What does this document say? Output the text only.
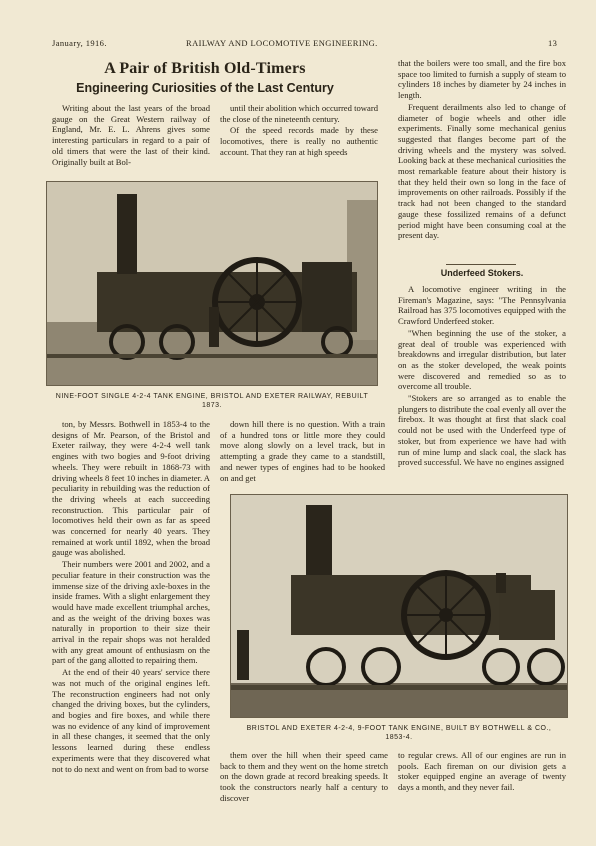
January, 1916.	RAILWAY AND LOCOMOTIVE ENGINEERING.	13
A Pair of British Old-Timers
Engineering Curiosities of the Last Century

Writing about the last years of the broad gauge on the Great Western railway of England, Mr. E. L. Ahrens gives some interesting particulars in regard to a pair of old timers that were the last of their kind. Originally built at Bol-

until their abolition which occurred toward the close of the nineteenth century.

Of the speed records made by these locomotives, there is really no authentic account. That they ran at high speeds

NINE-FOOT SINGLE 4-2-4 TANK ENGINE, BRISTOL AND EXETER RAILWAY, REBUILT 1873.

ton, by Messrs. Bothwell in 1853-4 to the designs of Mr. Pearson, of the Bristol and Exeter railway, they were 4-2-4 well tank engines with two bogies and 9-foot driving wheels. They were rebuilt in 1868-73 with driving wheels 8 feet 10 inches in diameter. A peculiarity in rebuilding was the reduction of the driving wheels at each succeeding reconstruction. This particular pair of locomotives held their own as far as speed was concerned for nearly 40 years. They remained at work until 1892, when the broad gauge was abolished.

Their numbers were 2001 and 2002, and a peculiar feature in their construction was the immense size of the driving axle-boxes in the inside frames. With a slight enlargement they would have made excellent triumphal arches, and as the weight of the driving boxes was naturally in proportion to their size their arrival in the repair shops was not heralded with any great amount of enthusiasm on the part of the gang allotted to repairing them.

At the end of their 40 years' service there was not much of the original engines left. The reconstruction engineers had not only changed the driving boxes, but the cylinders, and bogies and fire boxes, and while there was no evidence of any kind of improvement in all these changes, it seemed that the only lessons learned during these endless experiments were that they discovered what not to do next and went on from bad to worse

down hill there is no question. With a train of a hundred tons or little more they could move along slowly on a level track, but in attempting a grade they came to a standstill, and newer types of engines had to be hooked on and get

BRISTOL AND EXETER 4-2-4, 9-FOOT TANK ENGINE, BUILT BY BOTHWELL & CO., 1853-4.

them over the hill when their speed came back to them and they went on the home stretch on the down grade at record breaking speeds. It took the constructors nearly half a century to discover

that the boilers were too small, and the fire box space too limited to furnish a supply of steam to cylinders 18 inches by diameter by 24 inches in length.

Frequent derailments also led to change of diameter of bogie wheels and other idle experiments. Finally some mechanical genius suggested that flanges become part of the driving wheels and the mystery was solved. Looking back at these mechanical curiosities the most remarkable feature about their history is that they held their own so long in the face of improvements on other railroads. Possibly if the track had not been changed to the standard gauge these fossilized remains of a defunct period might have been consuming coal at the present day.

Underfeed Stokers.

A locomotive engineer writing in the Fireman's Magazine, says: "The Pennsylvania Railroad has 375 locomotives equipped with the Crawford Underfeed stoker.

"When beginning the use of the stoker, a great deal of trouble was experienced with breakdowns and irregular distribution, but later on as the stoker developed, the weak points were discovered and remedied so as to overcome all trouble.

"Stokers are so arranged as to enable the plungers to distribute the coal evenly all over the firebox. It was thought at first that slack coal could not be used with the Underfeed type of stoker, but from experience we have had with run of mine lump and slack coal, the slack has proved successful. We have no engines assigned

to regular crews. All of our engines are run in pools. Each fireman on our division gets a stoker equipped engine an average of twenty days a month, and they never fail.
